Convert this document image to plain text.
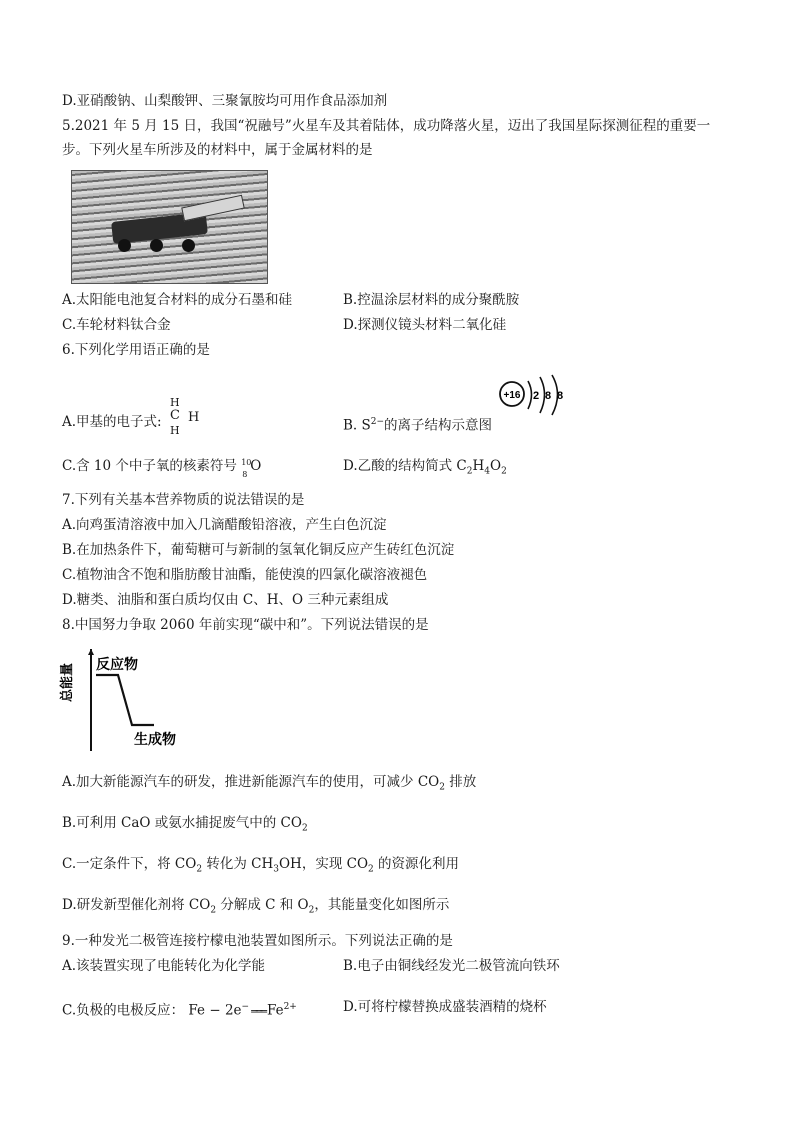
D.亚硝酸钠、山梨酸钾、三聚氰胺均可用作食品添加剂
5.2021 年 5 月 15 日，我国“祝融号”火星车及其着陆体，成功降落火星，迈出了我国星际探测征程的重要一
步。下列火星车所涉及的材料中，属于金属材料的是
A.太阳能电池复合材料的成分石墨和硅	B.控温涂层材料的成分聚酰胺
C.车轮材料钛合金	D.探测仪镜头材料二氧化硅
6.下列化学用语正确的是
A.甲基的电子式:
H
C H
H	B. $S^{2-}$的离子结构示意图
+16 2 8 8
C.含 10 个中子氧的核素符号 10
8
O	D.乙酸的结构简式 $C_2H_4O_2$
7.下列有关基本营养物质的说法错误的是
A.向鸡蛋清溶液中加入几滴醋酸铅溶液，产生白色沉淀
B.在加热条件下，葡萄糖可与新制的氢氧化铜反应产生砖红色沉淀
C.植物油含不饱和脂肪酸甘油酯，能使溴的四氯化碳溶液褪色
D.糖类、油脂和蛋白质均仅由 C、H、O 三种元素组成
8.中国努力争取 2060 年前实现“碳中和”。下列说法错误的是
总能量 反应物
生成物
A.加大新能源汽车的研发，推进新能源汽车的使用，可减少 $CO_2$ 排放
B.可利用 CaO 或氨水捕捉废气中的 $CO_2$
C.一定条件下，将 $CO_2$ 转化为 $CH_3OH$，实现 $CO_2$ 的资源化利用
D.研发新型催化剂将 $CO_2$ 分解成 C 和 $O_2$，其能量变化如图所示
9.一种发光二极管连接柠檬电池装置如图所示。下列说法正确的是
A.该装置实现了电能转化为化学能	B.电子由铜线经发光二极管流向铁环
C.负极的电极反应： Fe − 2e− ═══ $Fe^{2+}$	D.可将柠檬替换成盛装酒精的烧杯
